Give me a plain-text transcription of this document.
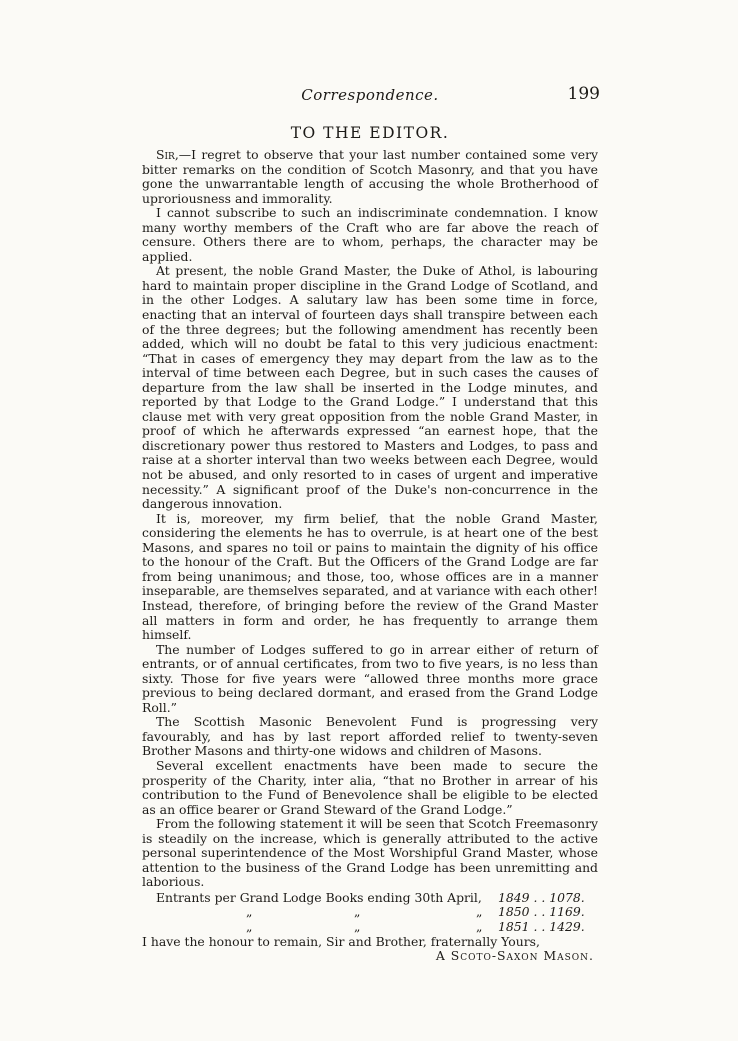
Correspondence.	199
TO THE EDITOR.

Sir,—I regret to observe that your last number contained some very bitter remarks on the condition of Scotch Masonry, and that you have gone the unwarrantable length of accusing the whole Brotherhood of uproriousness and immorality.

I cannot subscribe to such an indiscriminate condemnation. I know many worthy members of the Craft who are far above the reach of censure. Others there are to whom, perhaps, the character may be applied.

At present, the noble Grand Master, the Duke of Athol, is labouring hard to maintain proper discipline in the Grand Lodge of Scotland, and in the other Lodges. A salutary law has been some time in force, enacting that an interval of fourteen days shall transpire between each of the three degrees; but the following amendment has recently been added, which will no doubt be fatal to this very judicious enactment: “That in cases of emergency they may depart from the law as to the interval of time between each Degree, but in such cases the causes of departure from the law shall be inserted in the Lodge minutes, and reported by that Lodge to the Grand Lodge.” I understand that this clause met with very great opposition from the noble Grand Master, in proof of which he afterwards expressed “an earnest hope, that the discretionary power thus restored to Masters and Lodges, to pass and raise at a shorter interval than two weeks between each Degree, would not be abused, and only resorted to in cases of urgent and imperative necessity.” A significant proof of the Duke's non-concurrence in the dangerous innovation.

It is, moreover, my firm belief, that the noble Grand Master, considering the elements he has to overrule, is at heart one of the best Masons, and spares no toil or pains to maintain the dignity of his office to the honour of the Craft. But the Officers of the Grand Lodge are far from being unanimous; and those, too, whose offices are in a manner inseparable, are themselves separated, and at variance with each other! Instead, therefore, of bringing before the review of the Grand Master all matters in form and order, he has frequently to arrange them himself.

The number of Lodges suffered to go in arrear either of return of entrants, or of annual certificates, from two to five years, is no less than sixty. Those for five years were “allowed three months more grace previous to being declared dormant, and erased from the Grand Lodge Roll.”

The Scottish Masonic Benevolent Fund is progressing very favourably, and has by last report afforded relief to twenty-seven Brother Masons and thirty-one widows and children of Masons.

Several excellent enactments have been made to secure the prosperity of the Charity, inter alia, “that no Brother in arrear of his contribution to the Fund of Benevolence shall be eligible to be elected as an office bearer or Grand Steward of the Grand Lodge.”

From the following statement it will be seen that Scotch Freemasonry is steadily on the increase, which is generally attributed to the active personal superintendence of the Most Worshipful Grand Master, whose attention to the business of the Grand Lodge has been unremitting and laborious.

Entrants per Grand Lodge Books ending 30th April, 1849 . . 1078.
„	„	„ 1850 . . 1169.
„	„	„ 1851 . . 1429.

I have the honour to remain, Sir and Brother, fraternally Yours,

A Scoto-Saxon Mason.
